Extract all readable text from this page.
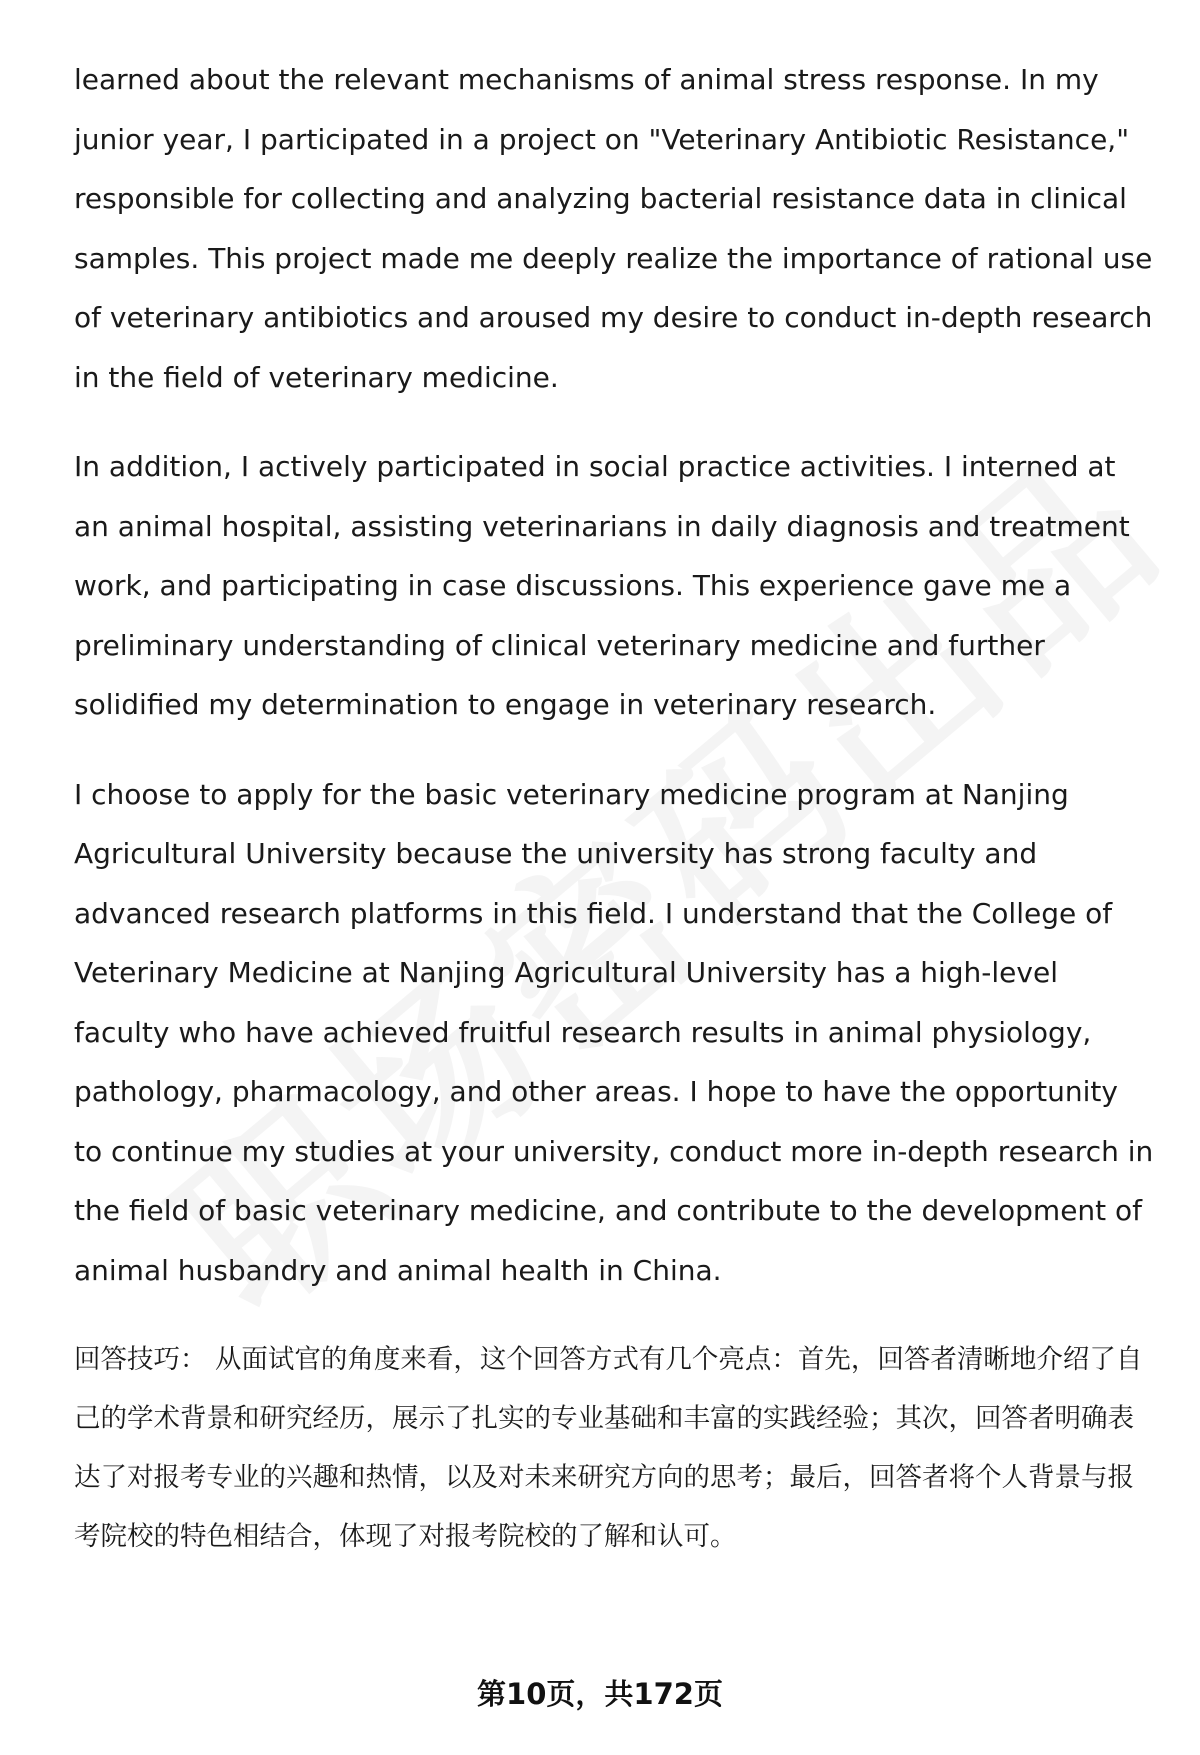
learned about the relevant mechanisms of animal stress response. In my junior year, I participated in a project on "Veterinary Antibiotic Resistance," responsible for collecting and analyzing bacterial resistance data in clinical samples. This project made me deeply realize the importance of rational use of veterinary antibiotics and aroused my desire to conduct in-depth research in the field of veterinary medicine.

In addition, I actively participated in social practice activities. I interned at an animal hospital, assisting veterinarians in daily diagnosis and treatment work, and participating in case discussions. This experience gave me a preliminary understanding of clinical veterinary medicine and further solidified my determination to engage in veterinary research.

I choose to apply for the basic veterinary medicine program at Nanjing Agricultural University because the university has strong faculty and advanced research platforms in this field. I understand that the College of Veterinary Medicine at Nanjing Agricultural University has a high-level faculty who have achieved fruitful research results in animal physiology, pathology, pharmacology, and other areas. I hope to have the opportunity to continue my studies at your university, conduct more in-depth research in the field of basic veterinary medicine, and contribute to the development of animal husbandry and animal health in China.

回答技巧： 从面试官的角度来看，这个回答方式有几个亮点：首先，回答者清晰地介绍了自己的学术背景和研究经历，展示了扎实的专业基础和丰富的实践经验；其次，回答者明确表达了对报考专业的兴趣和热情，以及对未来研究方向的思考；最后，回答者将个人背景与报考院校的特色相结合，体现了对报考院校的了解和认可。

第10页，共172页
